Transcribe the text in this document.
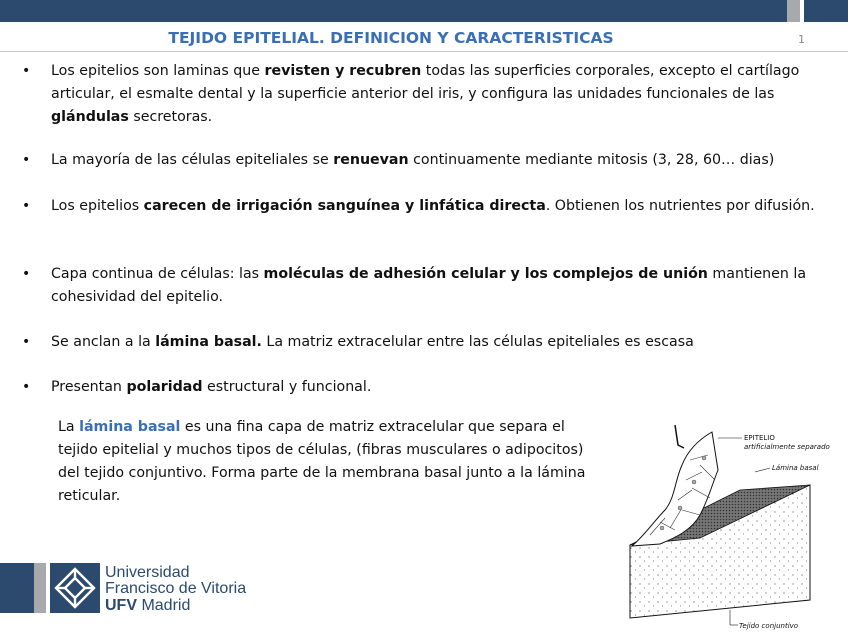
TEJIDO EPITELIAL. DEFINICION Y CARACTERISTICAS	1
• Los epitelios son laminas que revisten y recubren todas las superficies corporales, excepto el cartílago articular, el esmalte dental y la superficie anterior del iris, y configura las unidades funcionales de las glándulas secretoras.
• La mayoría de las células epiteliales se renuevan continuamente mediante mitosis (3, 28, 60… dias)
• Los epitelios carecen de irrigación sanguínea y linfática directa. Obtienen los nutrientes por difusión.
• Capa continua de células: las moléculas de adhesión celular y los complejos de unión mantienen la cohesividad del epitelio.
• Se anclan a la lámina basal. La matriz extracelular entre las células epiteliales es escasa
• Presentan polaridad estructural y funcional.
La lámina basal es una fina capa de matriz extracelular que separa el tejido epitelial y muchos tipos de células, (fibras musculares o adipocitos) del tejido conjuntivo. Forma parte de la membrana basal junto a la lámina reticular.
EPITELIO
artificialmente separado
Lámina basal
Tejido conjuntivo
Universidad
Francisco de Vitoria
UFV Madrid
